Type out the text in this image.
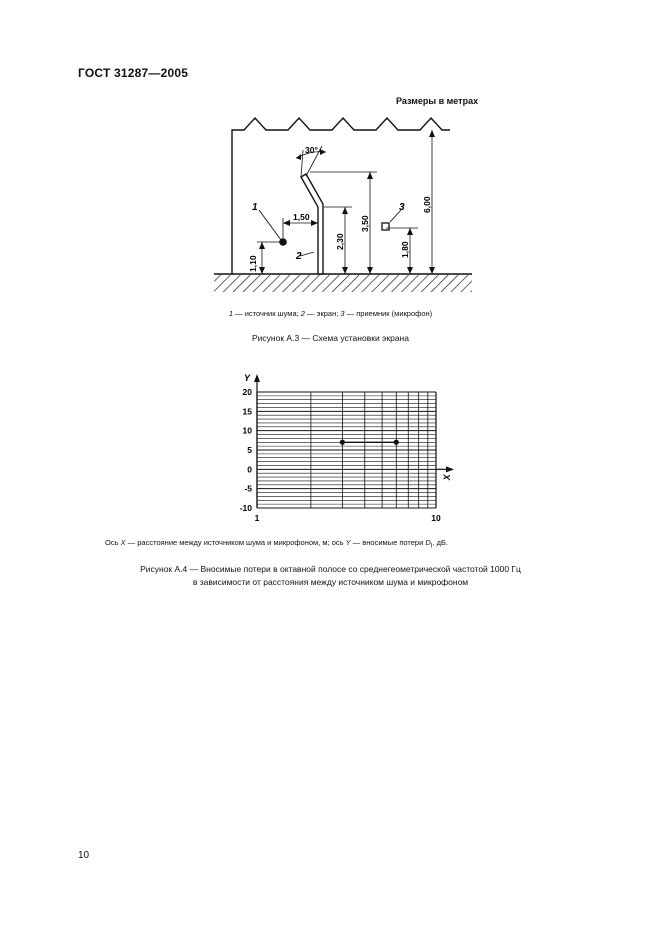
ГОСТ 31287—2005
Размеры в метрах
30°
1,50
1
2
3
1,10
2,30
3,50
1,80
6,00
1 — источник шума; 2 — экран; 3 — приемник (микрофон)
Рисунок А.3 — Схема установки экрана
20
15
10
5
0
-5
-10
1	10
Y
X
Ось X — расстояние между источником шума и микрофоном, м; ось Y — вносимые потери $D_I$, дБ.
Рисунок А.4 — Вносимые потери в октавной полосе со среднегеометрической частотой 1000 Гц
в зависимости от расстояния между источником шума и микрофоном
10
